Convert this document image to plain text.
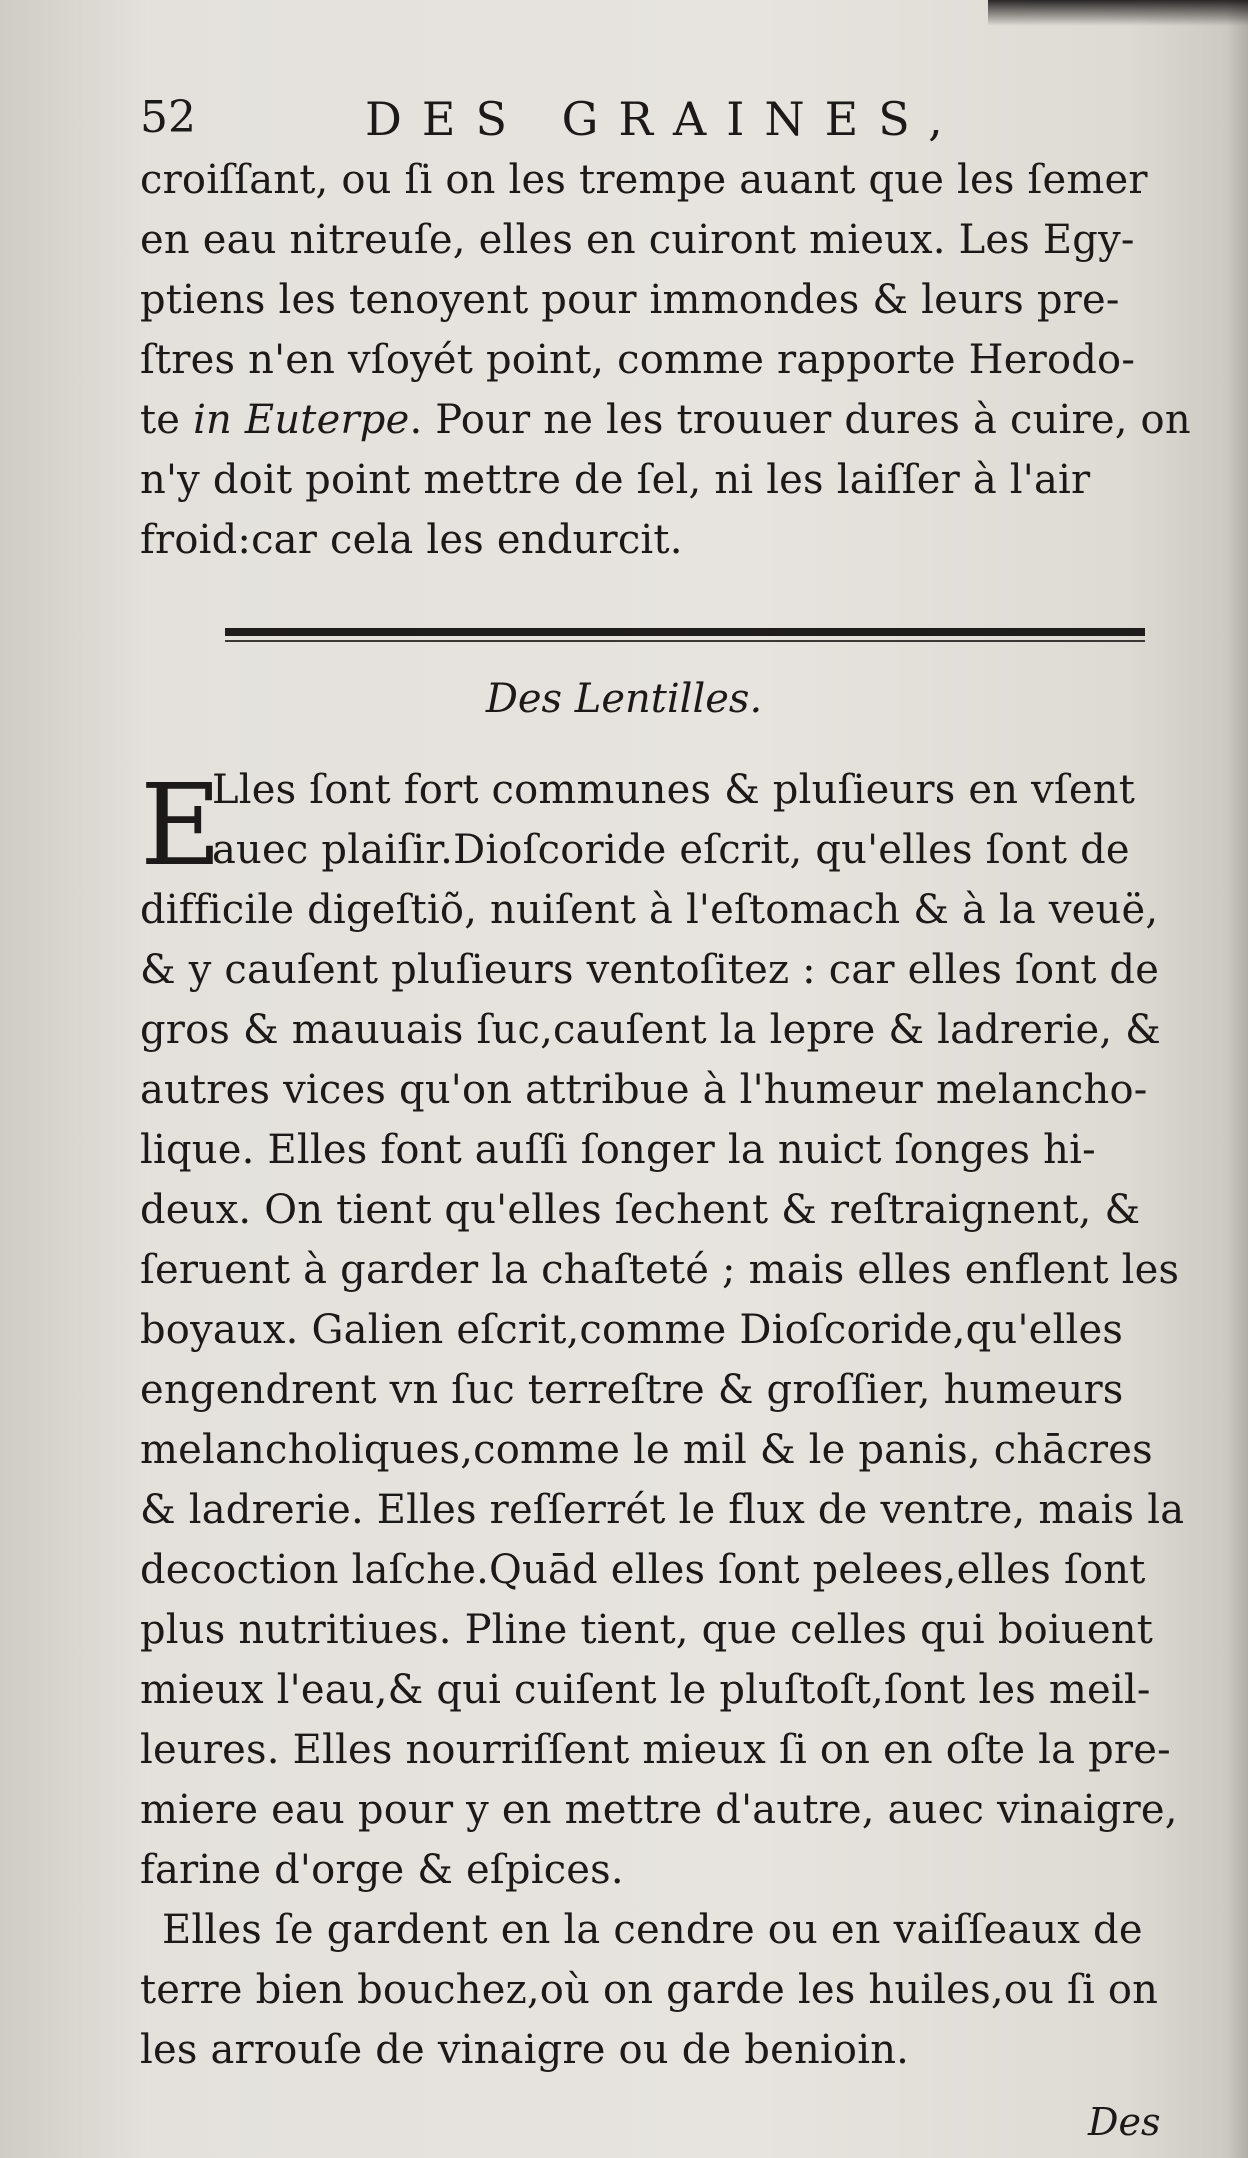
52	DES GRAINES,
croiſſant, ou ſi on les trempe auant que les ſemer
en eau nitreuſe, elles en cuiront mieux. Les Egy-
ptiens les tenoyent pour immondes & leurs pre-
ſtres n'en vſoyét point, comme rapporte Herodo-
te in Euterpe. Pour ne les trouuer dures à cuire, on
n'y doit point mettre de ſel, ni les laiſſer à l'air
froid:car cela les endurcit.
Des Lentilles.
E
Lles ſont fort communes & pluſieurs en vſent
auec plaiſir.Dioſcoride eſcrit, qu'elles ſont de
difficile digeſtiõ, nuiſent à l'eſtomach & à la veuë,
& y cauſent pluſieurs ventoſitez : car elles ſont de
gros & mauuais ſuc,cauſent la lepre & ladrerie, &
autres vices qu'on attribue à l'humeur melancho-
lique. Elles font auſſi ſonger la nuict ſonges hi-
deux. On tient qu'elles ſechent & reſtraignent, &
ſeruent à garder la chaſteté ; mais elles enflent les
boyaux. Galien eſcrit,comme Dioſcoride,qu'elles
engendrent vn ſuc terreſtre & groſſier, humeurs
melancholiques,comme le mil & le panis, chācres
& ladrerie. Elles reſſerrét le flux de ventre, mais la
decoction laſche.Quād elles ſont pelees,elles ſont
plus nutritiues. Pline tient, que celles qui boiuent
mieux l'eau,& qui cuiſent le pluſtoſt,ſont les meil-
leures. Elles nourriſſent mieux ſi on en oſte la pre-
miere eau pour y en mettre d'autre, auec vinaigre,
farine d'orge & eſpices.
Elles ſe gardent en la cendre ou en vaiſſeaux de
terre bien bouchez,où on garde les huiles,ou ſi on
les arrouſe de vinaigre ou de benioin.
Des
